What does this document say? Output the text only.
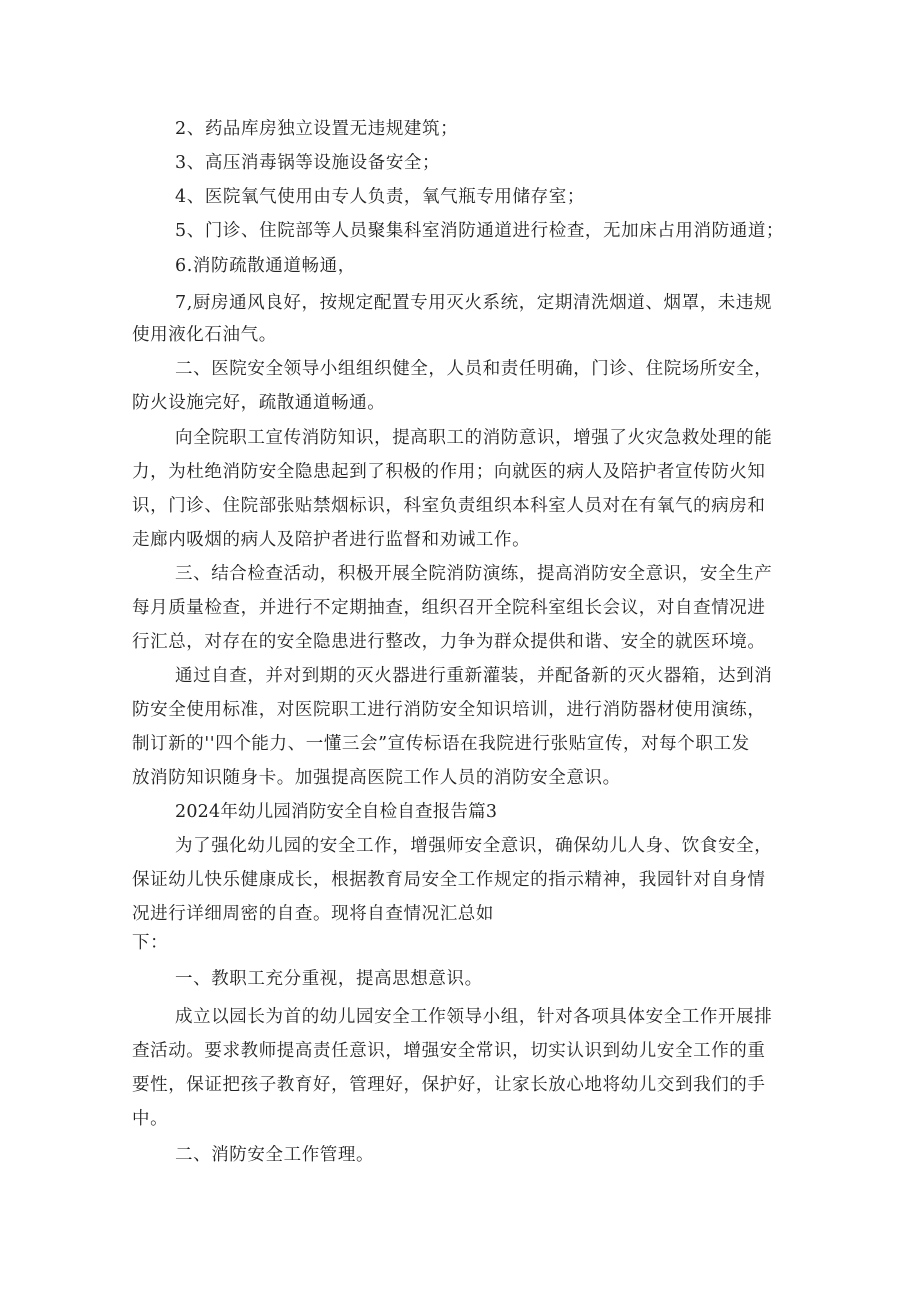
2、药品库房独立设置无违规建筑；
3、高压消毒锅等设施设备安全；
4、医院氧气使用由专人负责，氧气瓶专用储存室；
5、门诊、住院部等人员聚集科室消防通道进行检查，无加床占用消防通道；
6.消防疏散通道畅通，
7,厨房通风良好，按规定配置专用灭火系统，定期清洗烟道、烟罩，未违规
使用液化石油气。
二、医院安全领导小组组织健全，人员和责任明确，门诊、住院场所安全，
防火设施完好，疏散通道畅通。
向全院职工宣传消防知识，提高职工的消防意识，增强了火灾急救处理的能
力，为杜绝消防安全隐患起到了积极的作用；向就医的病人及陪护者宣传防火知
识，门诊、住院部张贴禁烟标识，科室负责组织本科室人员对在有氧气的病房和
走廊内吸烟的病人及陪护者进行监督和劝诫工作。
三、结合检查活动，积极开展全院消防演练，提高消防安全意识，安全生产
每月质量检查，并进行不定期抽查，组织召开全院科室组长会议，对自查情况进
行汇总，对存在的安全隐患进行整改，力争为群众提供和谐、安全的就医环境。
通过自查，并对到期的灭火器进行重新灌装，并配备新的灭火器箱，达到消
防安全使用标准，对医院职工进行消防安全知识培训，进行消防器材使用演练，
制订新的''四个能力、一懂三会”宣传标语在我院进行张贴宣传，对每个职工发
放消防知识随身卡。加强提高医院工作人员的消防安全意识。
2024年幼儿园消防安全自检自查报告篇3
为了强化幼儿园的安全工作，增强师安全意识，确保幼儿人身、饮食安全，
保证幼儿快乐健康成长，根据教育局安全工作规定的指示精神，我园针对自身情
况进行详细周密的自查。现将自查情况汇总如
下：
一、教职工充分重视，提高思想意识。
成立以园长为首的幼儿园安全工作领导小组，针对各项具体安全工作开展排
查活动。要求教师提高责任意识，增强安全常识，切实认识到幼儿安全工作的重
要性，保证把孩子教育好，管理好，保护好，让家长放心地将幼儿交到我们的手
中。
二、消防安全工作管理。
